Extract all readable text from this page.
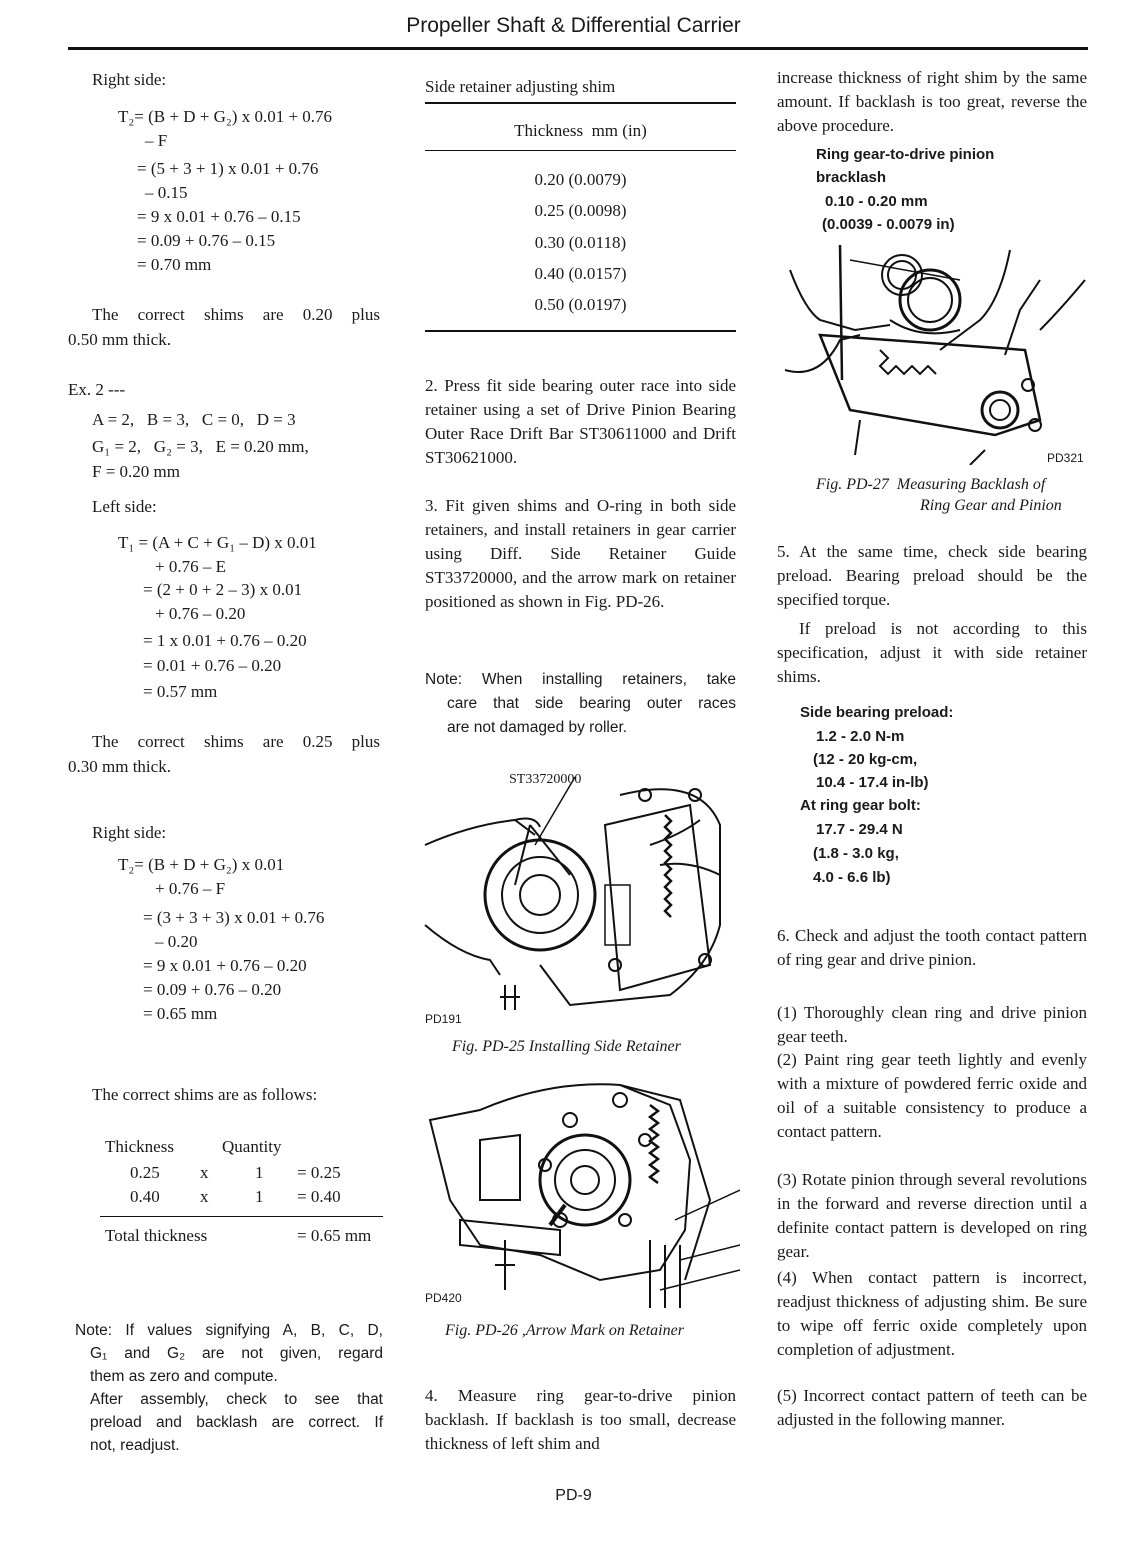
Propeller Shaft & Differential Carrier
Right side:
T₂= (B + D + G₂) x 0.01 + 0.76
– F
= (5 + 3 + 1) x 0.01 + 0.76
– 0.15
= 9 x 0.01 + 0.76 – 0.15
= 0.09 + 0.76 – 0.15
= 0.70 mm
The correct shims are 0.20 plus
0.50 mm thick.
Ex. 2 ---
A = 2,   B = 3,   C = 0,   D = 3
G₁ = 2,   G₂ = 3,   E = 0.20 mm,
F = 0.20 mm
Left side:
T₁ = (A + C + G₁ – D) x 0.01
+ 0.76 – E
= (2 + 0 + 2 – 3) x 0.01
+ 0.76 – 0.20
= 1 x 0.01 + 0.76 – 0.20
= 0.01 + 0.76 – 0.20
= 0.57 mm
The correct shims are 0.25 plus
0.30 mm thick.
Right side:
T₂= (B + D + G₂) x 0.01
+ 0.76 – F
= (3 + 3 + 3) x 0.01 + 0.76
– 0.20
= 9 x 0.01 + 0.76 – 0.20
= 0.09 + 0.76 – 0.20
= 0.65 mm
The correct shims are as follows:
Thickness	Quantity
0.25 x	1 = 0.25
0.40 x	1 = 0.40
Total thickness	= 0.65 mm
Note: If values signifying A, B, C, D,
G₁ and G₂ are not given, regard
them as zero and compute.
After assembly, check to see that
preload and backlash are correct. If
not, readjust.
Side retainer adjusting shim
Thickness  mm (in)
0.20 (0.0079)
0.25 (0.0098)
0.30 (0.0118)
0.40 (0.0157)
0.50 (0.0197)
2. Press fit side bearing outer race into side retainer using a set of Drive Pinion Bearing Outer Race Drift Bar ST30611000 and Drift ST30621000.
3. Fit given shims and O-ring in both side retainers, and install retainers in gear carrier using Diff. Side Retainer Guide ST33720000, and the arrow mark on retainer positioned as shown in Fig. PD-26.
Note: When installing retainers, take
care that side bearing outer races
are not damaged by roller.
ST33720000
PD191
Fig. PD-25 Installing Side Retainer
PD420
Fig. PD-26 ,Arrow Mark on Retainer
4. Measure ring gear-to-drive pinion backlash. If backlash is too small, decrease thickness of left shim and
increase thickness of right shim by the same amount. If backlash is too great, reverse the above procedure.
Ring gear-to-drive pinion
bracklash
0.10 - 0.20 mm
(0.0039 - 0.0079 in)
PD321
Fig. PD-27  Measuring Backlash of
Ring Gear and Pinion
5. At the same time, check side bearing preload. Bearing preload should be the specified torque.
If preload is not according to this specification, adjust it with side retainer shims.
Side bearing preload:
1.2 - 2.0 N-m
(12 - 20 kg-cm,
10.4 - 17.4 in-lb)
At ring gear bolt:
17.7 - 29.4 N
(1.8 - 3.0 kg,
4.0 - 6.6 lb)
6. Check and adjust the tooth contact pattern of ring gear and drive pinion.
(1) Thoroughly clean ring and drive pinion gear teeth.
(2) Paint ring gear teeth lightly and evenly with a mixture of powdered ferric oxide and oil of a suitable consistency to produce a contact pattern.
(3) Rotate pinion through several revolutions in the forward and reverse direction until a definite contact pattern is developed on ring gear.
(4) When contact pattern is incorrect, readjust thickness of adjusting shim. Be sure to wipe off ferric oxide completely upon completion of adjustment.
(5) Incorrect contact pattern of teeth can be adjusted in the following manner.
PD-9
